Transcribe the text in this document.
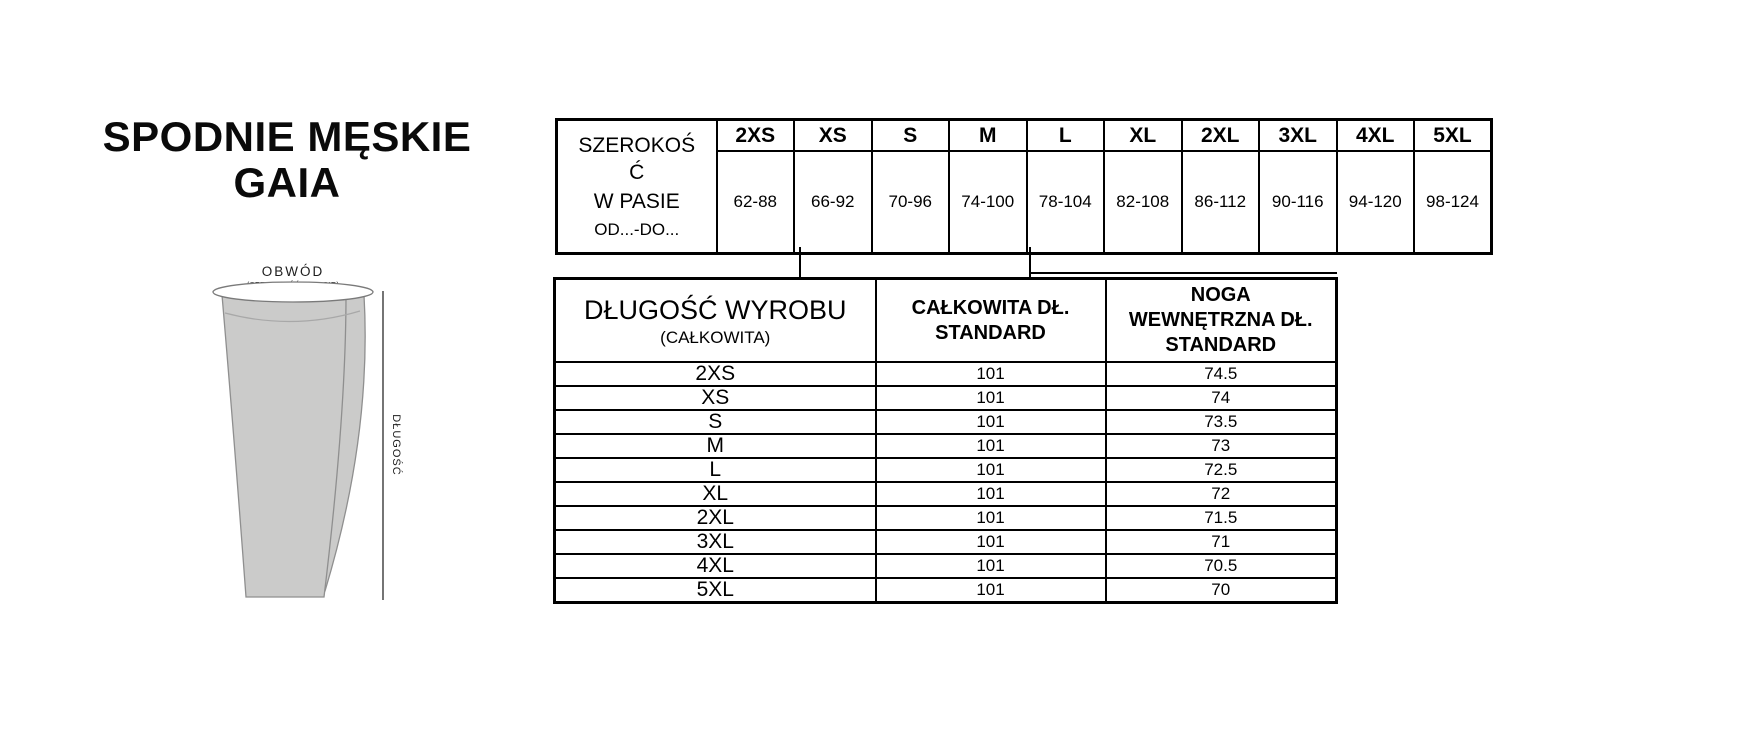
SPODNIE MĘSKIE
GAIA
OBWÓD
DŁUGOŚĆ
SZEROKOŚ
Ć
W PASIE
OD...-DO...	2XS	XS	S	M	L	XL	2XL	3XL	4XL	5XL
	62-88	66-92	70-96	74-100	78-104	82-108	86-112	90-116	94-120	98-124
DŁUGOŚĆ WYROBU
(CAŁKOWITA)

CAŁKOWITA DŁ.
STANDARD

NOGA
WEWNĘTRZNA DŁ.
STANDARD

2XS	101	74.5
XS	101	74
S	101	73.5
M	101	73
L	101	72.5
XL	101	72
2XL	101	71.5
3XL	101	71
4XL	101	70.5
5XL	101	70
